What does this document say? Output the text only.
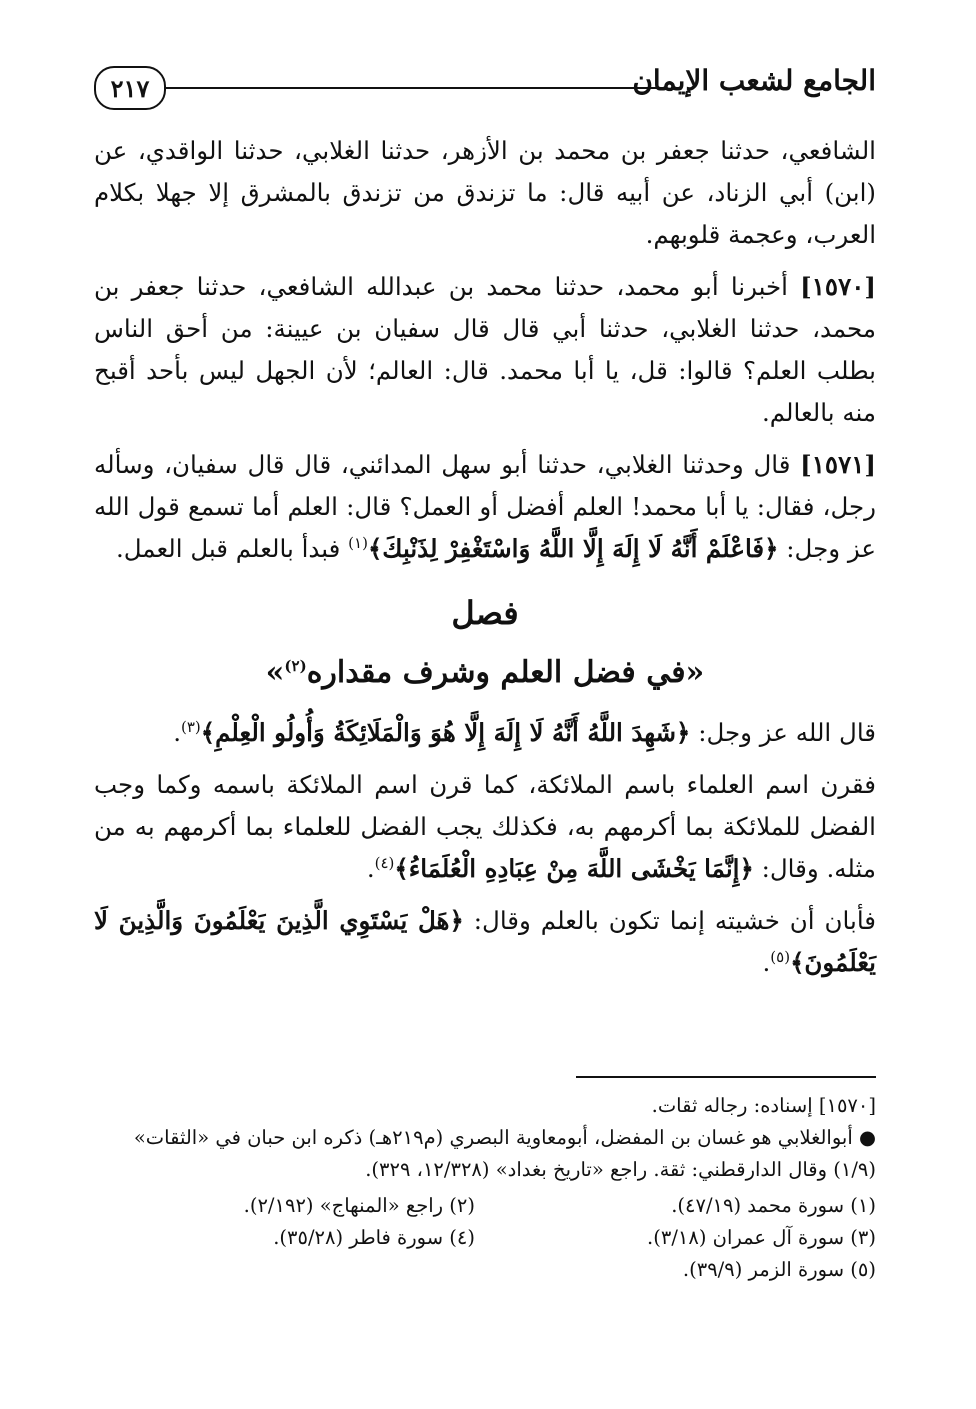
٢١٧	الجامع لشعب الإيمان

الشافعي، حدثنا جعفر بن محمد بن الأزهر، حدثنا الغلابي، حدثنا الواقدي، عن (ابن) أبي الزناد، عن أبيه قال: ما تزندق من تزندق بالمشرق إلا جهلا بكلام العرب، وعجمة قلوبهم.

[١٥٧٠] أخبرنا أبو محمد، حدثنا محمد بن عبدالله الشافعي، حدثنا جعفر بن محمد، حدثنا الغلابي، حدثنا أبي قال قال سفيان بن عيينة: من أحق الناس بطلب العلم؟ قالوا: قل، يا أبا محمد. قال: العالم؛ لأن الجهل ليس بأحد أقبح منه بالعالم.

[١٥٧١] قال وحدثنا الغلابي، حدثنا أبو سهل المدائني، قال قال سفيان، وسأله رجل، فقال: يا أبا محمد! العلم أفضل أو العمل؟ قال: العلم أما تسمع قول الله عز وجل: ﴿فَاعْلَمْ أَنَّهُ لَا إِلَهَ إِلَّا اللَّهُ وَاسْتَغْفِرْ لِذَنْبِكَ﴾$^{(١)}$ فبدأ بالعلم قبل العمل.

فصل
«في فضل العلم وشرف مقداره$^{(٢)}$»

قال الله عز وجل: ﴿شَهِدَ اللَّهُ أَنَّهُ لَا إِلَهَ إِلَّا هُوَ وَالْمَلَائِكَةُ وَأُولُو الْعِلْمِ﴾$^{(٣)}$.

فقرن اسم العلماء باسم الملائكة، كما قرن اسم الملائكة باسمه وكما وجب الفضل للملائكة بما أكرمهم به، فكذلك يجب الفضل للعلماء بما أكرمهم به من مثله. وقال: ﴿إِنَّمَا يَخْشَى اللَّهَ مِنْ عِبَادِهِ الْعُلَمَاءُ﴾$^{(٤)}$.

فأبان أن خشيته إنما تكون بالعلم وقال: ﴿هَلْ يَسْتَوِي الَّذِينَ يَعْلَمُونَ وَالَّذِينَ لَا يَعْلَمُونَ﴾$^{(٥)}$.

[١٥٧٠] إسناده: رجاله ثقات.

● أبوالغلابي هو غسان بن المفضل، أبومعاوية البصري (م٢١٩هـ) ذكره ابن حبان في «الثقات» (١/٩) وقال الدارقطني: ثقة. راجع «تاريخ بغداد» (١٢/٣٢٨، ٣٢٩).

(١) سورة محمد (٤٧/١٩).
(٢) راجع «المنهاج» (٢/١٩٢).
(٣) سورة آل عمران (٣/١٨).
(٤) سورة فاطر (٣٥/٢٨).
(٥) سورة الزمر (٣٩/٩).
